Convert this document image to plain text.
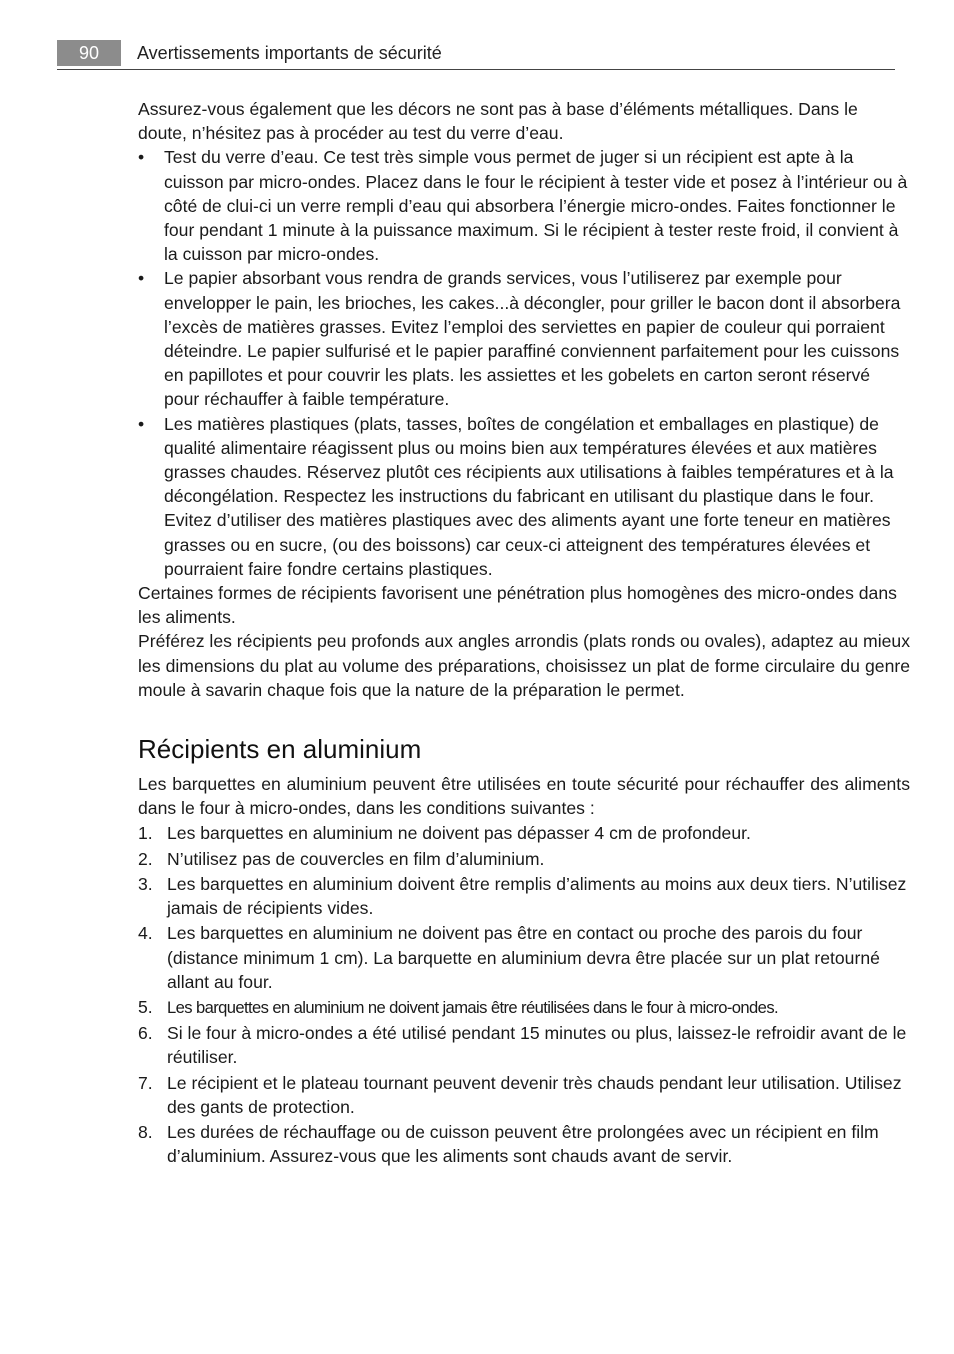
90	Avertissements importants de sécurité

Assurez-vous également que les décors ne sont pas à base d’éléments métalliques. Dans le doute, n’hésitez pas à procéder au test du verre d’eau.

• Test du verre d’eau. Ce test très simple vous permet de juger si un récipient est apte à la cuisson par micro-ondes. Placez dans le four le récipient à tester vide et posez à l’intérieur ou à côté de clui-ci un verre rempli d’eau qui absorbera l’énergie micro-ondes. Faites fonctionner le four pendant 1 minute à la puissance maximum. Si le récipient à tester reste froid, il convient à la cuisson par micro-ondes.
• Le papier absorbant vous rendra de grands services, vous l’utiliserez par exemple pour envelopper le pain, les brioches, les cakes...à décongler, pour griller le bacon dont il absorbera l’excès de matières grasses. Evitez l’emploi des serviettes en papier de couleur qui porraient déteindre. Le papier sulfurisé et le papier paraffiné conviennent parfaitement pour les cuissons en papillotes et pour couvrir les plats. les assiettes et les gobelets en carton seront réservé pour réchauffer à faible température.
• Les matières plastiques (plats, tasses, boîtes de congélation et emballages en plastique) de qualité alimentaire réagissent plus ou moins bien aux températures élevées et aux matières grasses chaudes. Réservez plutôt ces récipients aux utilisations à faibles températures et à la décongélation. Respectez les instructions du fabricant en utilisant du plastique dans le four. Evitez d’utiliser des matières plastiques avec des aliments ayant une forte teneur en matières grasses ou en sucre, (ou des boissons) car ceux-ci atteignent des températures élevées et pourraient faire fondre certains plastiques.

Certaines formes de récipients favorisent une pénétration plus homogènes des micro-ondes dans les aliments.

Préférez les récipients peu profonds aux angles arrondis (plats ronds ou ovales), adaptez au mieux les dimensions du plat au volume des préparations, choisissez un plat de forme circulaire du genre moule à savarin chaque fois que la nature de la préparation le permet.

Récipients en aluminium

Les barquettes en aluminium peuvent être utilisées en toute sécurité pour réchauffer des aliments dans le four à micro-ondes, dans les conditions suivantes :

1. Les barquettes en aluminium ne doivent pas dépasser 4 cm de profondeur.
2. N’utilisez pas de couvercles en film d’aluminium.
3. Les barquettes en aluminium doivent être remplis d’aliments au moins aux deux tiers. N’utilisez jamais de récipients vides.
4. Les barquettes en aluminium ne doivent pas être en contact ou proche des parois du four (distance minimum 1 cm). La barquette en aluminium devra être placée sur un plat retourné allant au four.
5. Les barquettes en aluminium ne doivent jamais être réutilisées dans le four à micro-ondes.
6. Si le four à micro-ondes a été utilisé pendant 15 minutes ou plus, laissez-le refroidir avant de le réutiliser.
7. Le récipient et le plateau tournant peuvent devenir très chauds pendant leur utilisation. Utilisez des gants de protection.
8. Les durées de réchauffage ou de cuisson peuvent être prolongées avec un récipient en film d’aluminium. Assurez-vous que les aliments sont chauds avant de servir.
